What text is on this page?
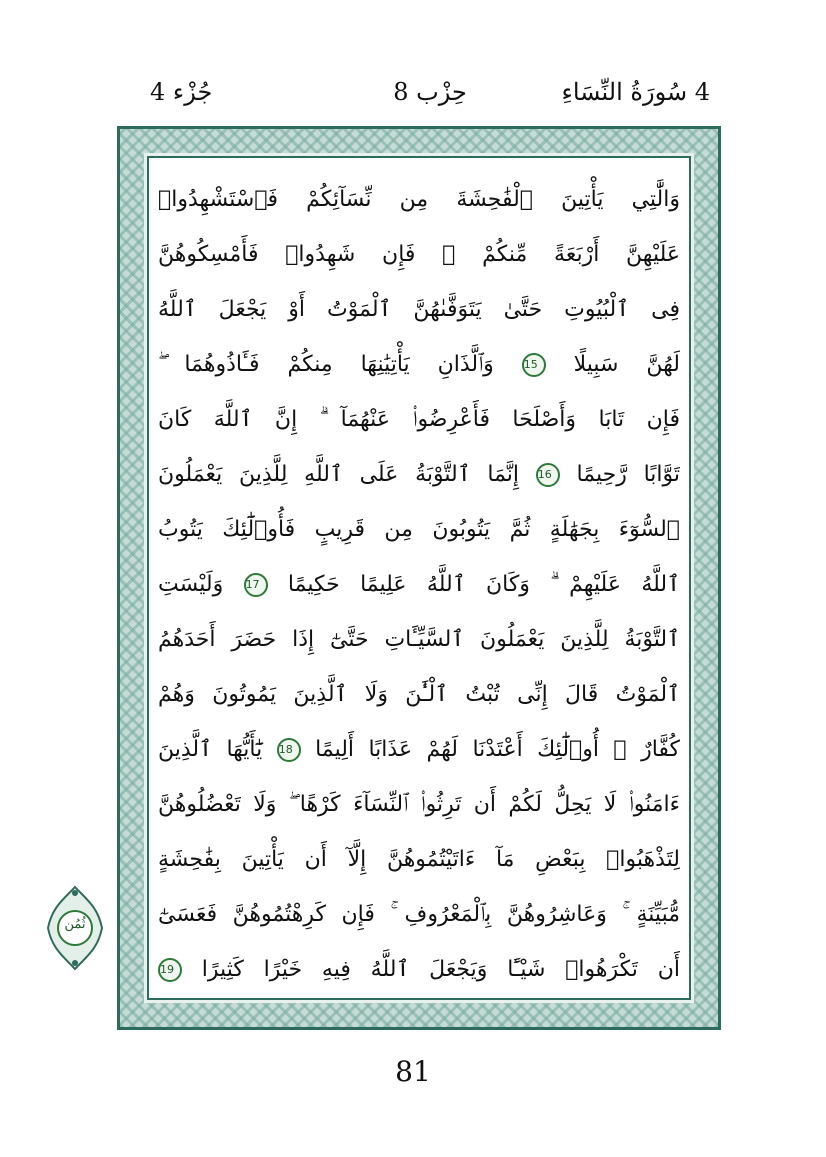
4 سُورَةُ النِّسَاءِ
حِزْب 8
جُزْء 4
وَالَّٰتِي يَأْتِينَ ٱلْفَٰحِشَةَ مِن نِّسَآئِكُمْ فَٱسْتَشْهِدُوا۟
عَلَيْهِنَّ أَرْبَعَةً مِّنكُمْ ۖ فَإِن شَهِدُوا۟ فَأَمْسِكُوهُنَّ
فِى ٱلْبُيُوتِ حَتَّىٰ يَتَوَفَّىٰهُنَّ ٱلْمَوْتُ أَوْ يَجْعَلَ ٱللَّهُ
لَهُنَّ سَبِيلًا 15 وَٱلَّذَانِ يَأْتِيَٰنِهَا مِنكُمْ فَـَٔاذُوهُمَا ۖ
فَإِن تَابَا وَأَصْلَحَا فَأَعْرِضُوا۟ عَنْهُمَآ ۗ إِنَّ ٱللَّهَ كَانَ
تَوَّابًا رَّحِيمًا 16 إِنَّمَا ٱلتَّوْبَةُ عَلَى ٱللَّهِ لِلَّذِينَ يَعْمَلُونَ
ٱلسُّوٓءَ بِجَهَٰلَةٍ ثُمَّ يَتُوبُونَ مِن قَرِيبٍ فَأُو۟لَٰٓئِكَ يَتُوبُ
ٱللَّهُ عَلَيْهِمْ ۗ وَكَانَ ٱللَّهُ عَلِيمًا حَكِيمًا 17 وَلَيْسَتِ
ٱلتَّوْبَةُ لِلَّذِينَ يَعْمَلُونَ ٱلسَّيِّـَٔاتِ حَتَّىٰٓ إِذَا حَضَرَ أَحَدَهُمُ
ٱلْمَوْتُ قَالَ إِنِّى تُبْتُ ٱلْـَٰٔنَ وَلَا ٱلَّذِينَ يَمُوتُونَ وَهُمْ
كُفَّارٌ ۚ أُو۟لَٰٓئِكَ أَعْتَدْنَا لَهُمْ عَذَابًا أَلِيمًا 18 يَٰٓأَيُّهَا ٱلَّذِينَ
ءَامَنُوا۟ لَا يَحِلُّ لَكُمْ أَن تَرِثُوا۟ ٱلنِّسَآءَ كَرْهًا ۖ وَلَا تَعْضُلُوهُنَّ
لِتَذْهَبُوا۟ بِبَعْضِ مَآ ءَاتَيْتُمُوهُنَّ إِلَّآ أَن يَأْتِينَ بِفَٰحِشَةٍ
مُّبَيِّنَةٍ ۚ وَعَاشِرُوهُنَّ بِٱلْمَعْرُوفِ ۚ فَإِن كَرِهْتُمُوهُنَّ فَعَسَىٰٓ
أَن تَكْرَهُوا۟ شَيْـًٔا وَيَجْعَلَ ٱللَّهُ فِيهِ خَيْرًا كَثِيرًا 19
ثُمُن
81
